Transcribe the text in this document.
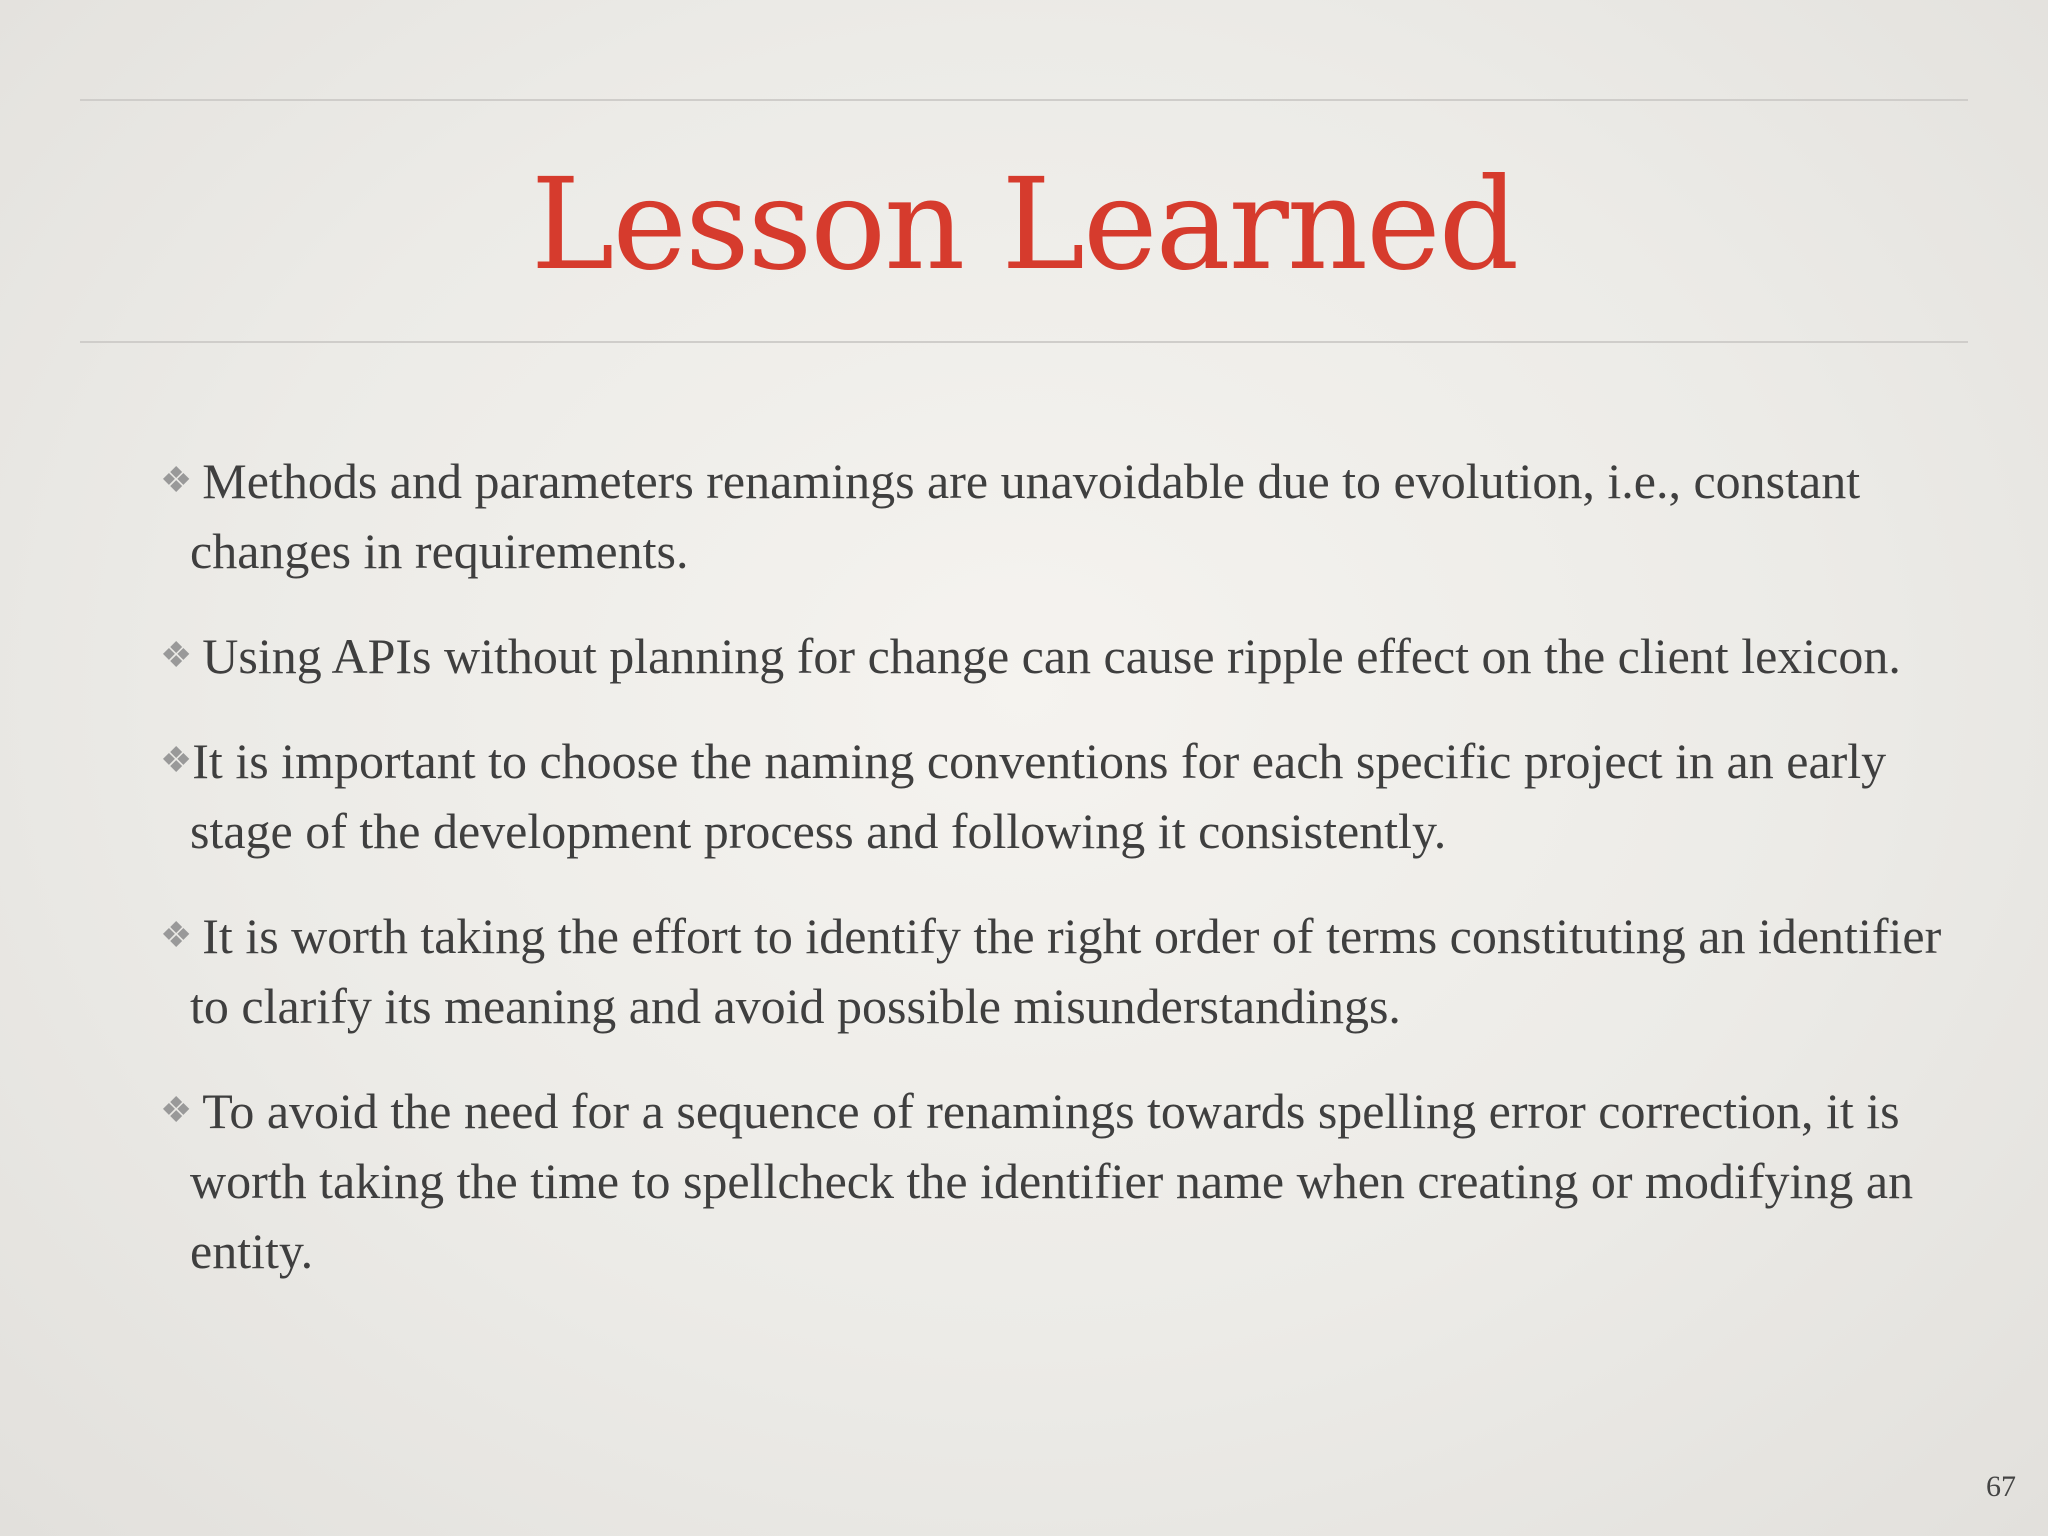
Lesson Learned
❖ Methods and parameters renamings are unavoidable due to evolution, i.e., constant changes in requirements.
❖ Using APIs without planning for change can cause ripple effect on the client lexicon.
❖It is important to choose the naming conventions for each specific project in an early stage of the development process and following it consistently.
❖ It is worth taking the effort to identify the right order of terms constituting an identifier to clarify its meaning and avoid possible misunderstandings.
❖ To avoid the need for a sequence of renamings towards spelling error correction, it is worth taking the time to spellcheck the identifier name when creating or modifying an entity.
67
